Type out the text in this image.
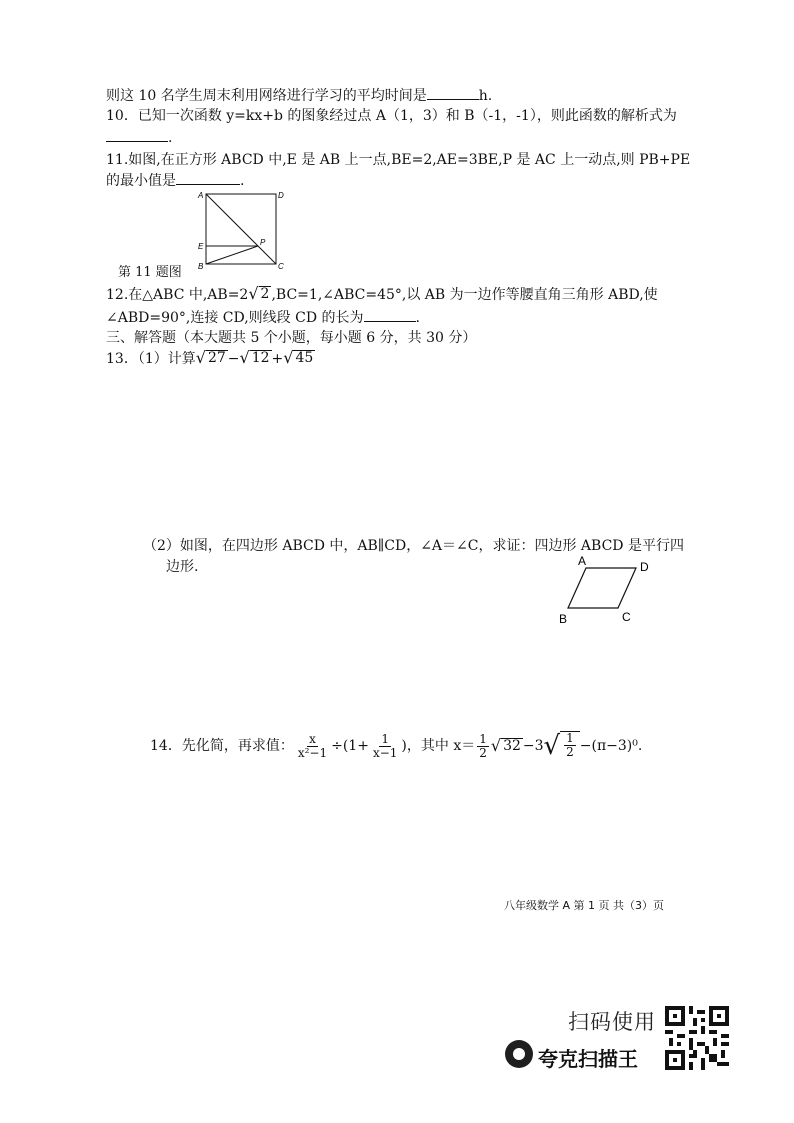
则这 10 名学生周末利用网络进行学习的平均时间是	h.
10．已知一次函数 y=kx+b 的图象经过点 A（1，3）和 B（-1，-1），则此函数的解析式为
.
11.如图,在正方形 ABCD 中,E 是 AB 上一点,BE=2,AE=3BE,P 是 AC 上一动点,则 PB+PE
的最小值是	.
A	D
E	P
B	C
第 11 题图
12.在△ABC 中,AB=2 √ 2 ,BC=1,∠ABC=45°,以 AB 为一边作等腰直角三角形 ABD,使
∠ABD=90°,连接 CD,则线段 CD 的长为	.
三、解答题（本大题共 5 个小题，每小题 6 分，共 30 分）
13．（1）计算 √ 27 − √ 12 + √ 45
（2）如图，在四边形 ABCD 中，AB∥CD，∠A＝∠C，求证：四边形 ABCD 是平行四
边形.	A	D
B	C
14．先化简，再求值： $\frac{x}{\text{x²−1}} \div(1+ \frac{1}{x-1}$ )，其中 $x= \frac{1}{2}$ √ 32 −3 √ $\frac{1}{2} -(\pi-3)^0$.
八年级数学 A 第 1 页 共（3）页
扫码使用
夸克扫描王
